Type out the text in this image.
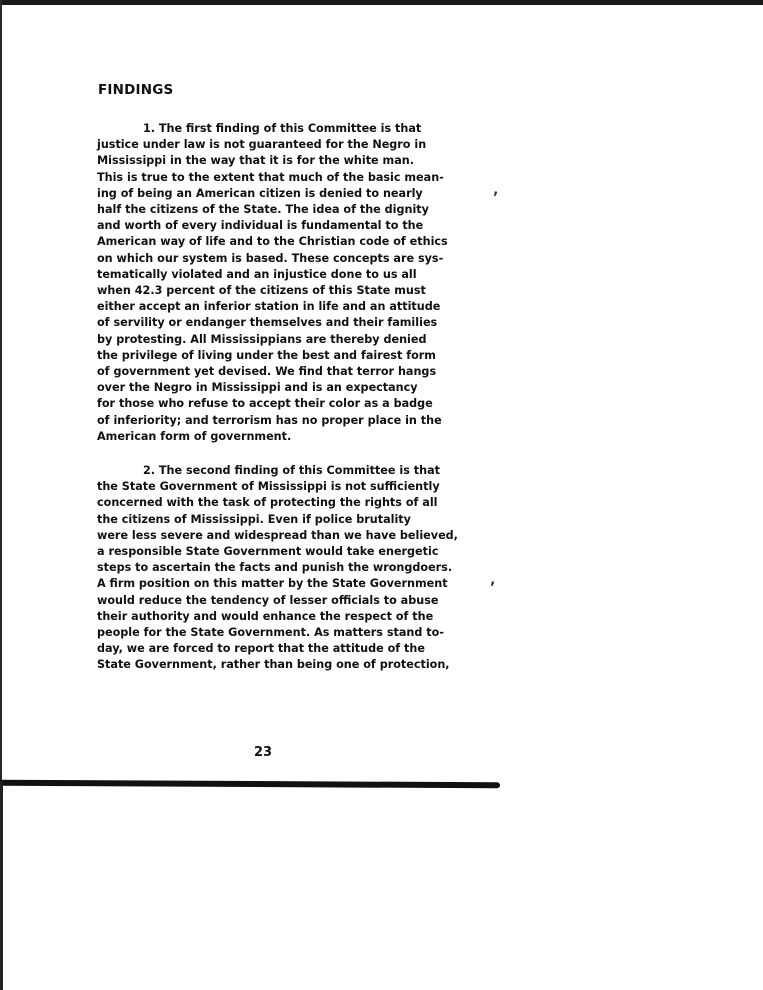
FINDINGS
1. The first finding of this Committee is that
justice under law is not guaranteed for the Negro in
Mississippi in the way that it is for the white man.
This is true to the extent that much of the basic mean-
ing of being an American citizen is denied to nearly
half the citizens of the State. The idea of the dignity
and worth of every individual is fundamental to the
American way of life and to the Christian code of ethics
on which our system is based. These concepts are sys-
tematically violated and an injustice done to us all
when 42.3 percent of the citizens of this State must
either accept an inferior station in life and an attitude
of servility or endanger themselves and their families
by protesting. All Mississippians are thereby denied
the privilege of living under the best and fairest form
of government yet devised. We find that terror hangs
over the Negro in Mississippi and is an expectancy
for those who refuse to accept their color as a badge
of inferiority; and terrorism has no proper place in the
American form of government.
2. The second finding of this Committee is that
the State Government of Mississippi is not sufficiently
concerned with the task of protecting the rights of all
the citizens of Mississippi. Even if police brutality
were less severe and widespread than we have believed,
a responsible State Government would take energetic
steps to ascertain the facts and punish the wrongdoers.
A firm position on this matter by the State Government
would reduce the tendency of lesser officials to abuse
their authority and would enhance the respect of the
people for the State Government. As matters stand to-
day, we are forced to report that the attitude of the
State Government, rather than being one of protection,
23
’
’
